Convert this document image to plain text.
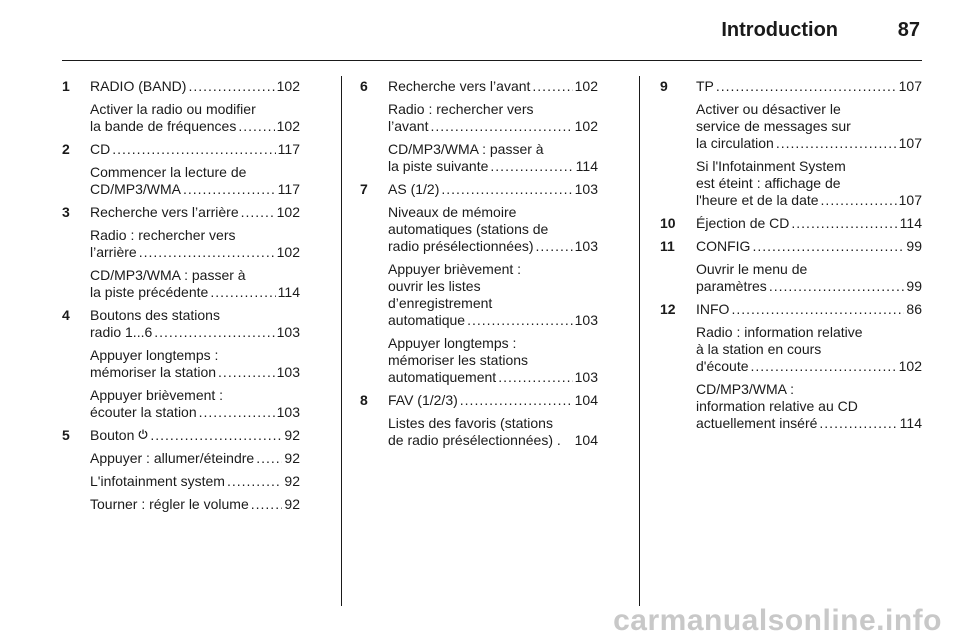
Introduction	87
1	RADIO (BAND) .....	102
Activer la radio ou modifier
la bande de fréquences .....	102
2	CD .....	117
Commencer la lecture de
CD/MP3/WMA .....	117
3	Recherche vers l’arrière .....	102
Radio : rechercher vers
l’arrière .....	102
CD/MP3/WMA : passer à
la piste précédente .....	114
4	Boutons des stations
radio 1...6 .....	103
Appuyer longtemps :
mémoriser la station .....	103
Appuyer brièvement :
écouter la station .....	103
5	Bouton .....	92
Appuyer : allumer/éteindre ..... 92
L'infotainment system .....	92
Tourner : régler le volume .....	92
6	Recherche vers l’avant .....	102
Radio : rechercher vers
l’avant .....	102
CD/MP3/WMA : passer à
la piste suivante .....	114
7	AS (1/2) .....	103
Niveaux de mémoire
automatiques (stations de
radio présélectionnées) .....	103
Appuyer brièvement :
ouvrir les listes
d’enregistrement
automatique .....	103
Appuyer longtemps :
mémoriser les stations
automatiquement .....	103
8	FAV (1/2/3) .....	104
Listes des favoris (stations
de radio présélectionnées) . 104
9	TP .....	107
Activer ou désactiver le
service de messages sur
la circulation .....	107
Si l'Infotainment System
est éteint : affichage de
l'heure et de la date .....	107
10	Éjection de CD .....	114
11	CONFIG .....	99
Ouvrir le menu de
paramètres .....	99
12	INFO .....	86
Radio : information relative
à la station en cours
d'écoute .....	102
CD/MP3/WMA :
information relative au CD
actuellement inséré .....	114
carmanualsonline.info
